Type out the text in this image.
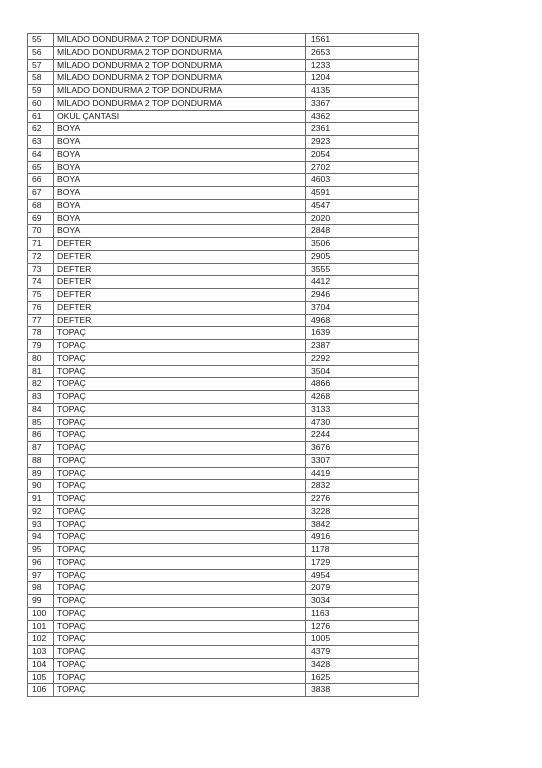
55	MİLADO DONDURMA 2 TOP DONDURMA	1561
56	MİLADO DONDURMA 2 TOP DONDURMA	2653
57	MİLADO DONDURMA 2 TOP DONDURMA	1233
58	MİLADO DONDURMA 2 TOP DONDURMA	1204
59	MİLADO DONDURMA 2 TOP DONDURMA	4135
60	MİLADO DONDURMA 2 TOP DONDURMA	3367
61	OKUL ÇANTASI	4362
62	BOYA	2361
63	BOYA	2923
64	BOYA	2054
65	BOYA	2702
66	BOYA	4603
67	BOYA	4591
68	BOYA	4547
69	BOYA	2020
70	BOYA	2848
71	DEFTER	3506
72	DEFTER	2905
73	DEFTER	3555
74	DEFTER	4412
75	DEFTER	2946
76	DEFTER	3704
77	DEFTER	4968
78	TOPAÇ	1639
79	TOPAÇ	2387
80	TOPAÇ	2292
81	TOPAÇ	3504
82	TOPAÇ	4866
83	TOPAÇ	4268
84	TOPAÇ	3133
85	TOPAÇ	4730
86	TOPAÇ	2244
87	TOPAÇ	3676
88	TOPAÇ	3307
89	TOPAÇ	4419
90	TOPAÇ	2832
91	TOPAÇ	2276
92	TOPAÇ	3228
93	TOPAÇ	3842
94	TOPAÇ	4916
95	TOPAÇ	1178
96	TOPAÇ	1729
97	TOPAÇ	4954
98	TOPAÇ	2079
99	TOPAÇ	3034
100	TOPAÇ	1163
101	TOPAÇ	1276
102	TOPAÇ	1005
103	TOPAÇ	4379
104	TOPAÇ	3428
105	TOPAÇ	1625
106	TOPAÇ	3838
